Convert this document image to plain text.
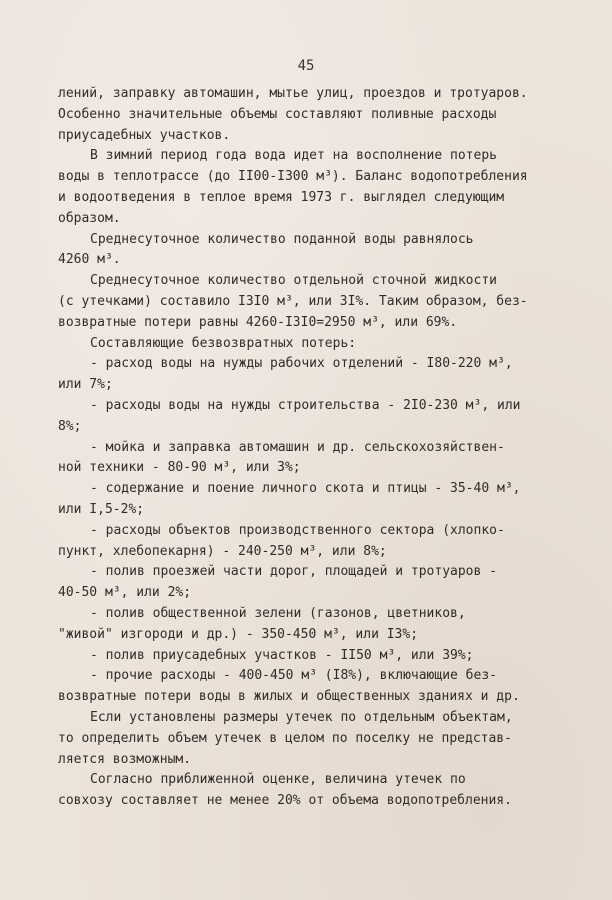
45
лений, заправку автомашин, мытье улиц, проездов и тротуаров.
Особенно значительные объемы составляют поливные расходы
приусадебных участков.
В зимний период года вода идет на восполнение потерь
воды в теплотрассе (до II00-I300 м³). Баланс водопотребления
и водоотведения в теплое время 1973 г. выглядел следующим
образом.
Среднесуточное количество поданной воды равнялось
4260 м³.
Среднесуточное количество отдельной сточной жидкости
(с утечками) составило I3I0 м³, или 3I%. Таким образом, без-
возвратные потери равны 4260-I3I0=2950 м³, или 69%.
Составляющие безвозвратных потерь:
- расход воды на нужды рабочих отделений - I80-220 м³,
или 7%;
- расходы воды на нужды строительства - 2I0-230 м³, или
8%;
- мойка и заправка автомашин и др. сельскохозяйствен-
ной техники - 80-90 м³, или 3%;
- содержание и поение личного скота и птицы - 35-40 м³,
или I,5-2%;
- расходы объектов производственного сектора (хлопко-
пункт, хлебопекарня) - 240-250 м³, или 8%;
- полив проезжей части дорог, площадей и тротуаров -
40-50 м³, или 2%;
- полив общественной зелени (газонов, цветников,
"живой" изгороди и др.) - 350-450 м³, или I3%;
- полив приусадебных участков - II50 м³, или 39%;
- прочие расходы - 400-450 м³ (I8%), включающие без-
возвратные потери воды в жилых и общественных зданиях и др.
Если установлены размеры утечек по отдельным объектам,
то определить объем утечек в целом по поселку не представ-
ляется возможным.
Согласно приближенной оценке, величина утечек по
совхозу составляет не менее 20% от объема водопотребления.
